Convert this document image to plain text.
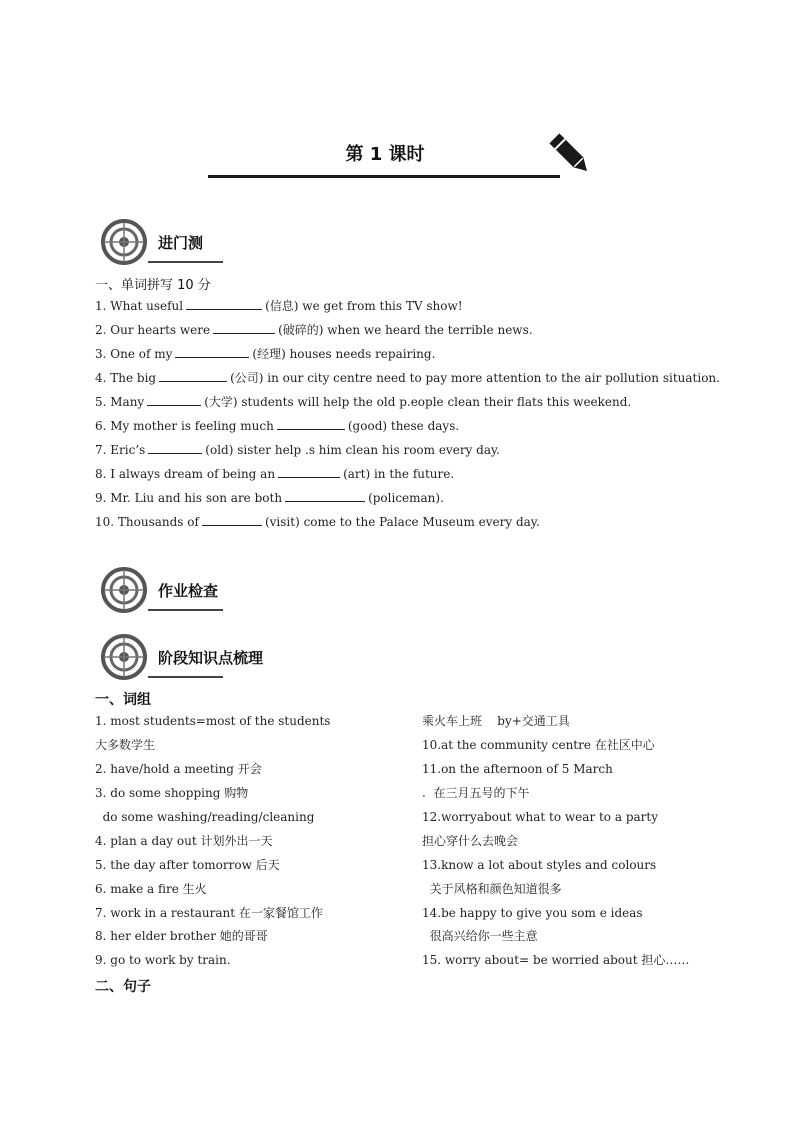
第 1 课时
进门测
一、单词拼写 10 分
1. What useful	(信息) we get from this TV show!
2. Our hearts were	(破碎的) when we heard the terrible news.
3. One of my	(经理) houses needs repairing.
4. The big	(公司) in our city centre need to pay more attention to the air pollution situation.
5. Many	(大学) students will help the old p.eople clean their flats this weekend.
6. My mother is feeling much	(good) these days.
7. Eric’s	(old) sister help .s him clean his room every day.
8. I always dream of being an	(art) in the future.
9. Mr. Liu and his son are both	(policeman).
10. Thousands of	(visit) come to the Palace Museum every day.
作业检查
阶段知识点梳理
一、词组
1. most students=most of the students
大多数学生
2. have/hold a meeting 开会
3. do some shopping 购物
do some washing/reading/cleaning
4. plan a day out 计划外出一天
5. the day after tomorrow 后天
6. make a fire 生火
7. work in a restaurant 在一家餐馆工作
8. her elder brother 她的哥哥
9. go to work by train.
乘火车上班    by+交通工具
10.at the community centre 在社区中心
11.on the afternoon of 5 March
.  在三月五号的下午
12.worryabout what to wear to a party
担心穿什么去晚会
13.know a lot about styles and colours
关于风格和颜色知道很多
14.be happy to give you som e ideas
很高兴给你一些主意
15. worry about= be worried about 担心……
二、句子
